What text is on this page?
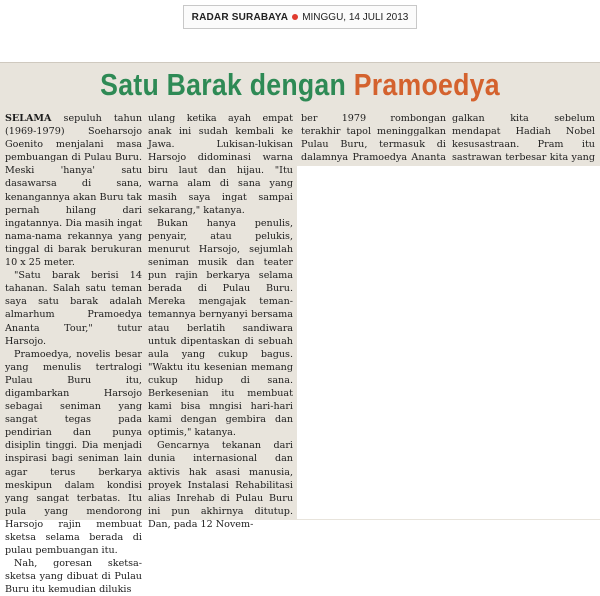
RADAR SURABAYA MINGGU, 14 JULI 2013
Satu Barak dengan Pramoedya

SELAMA sepuluh tahun (1969-1979) Soeharsojo Goenito menjalani masa pembuangan di Pulau Buru. Meski 'hanya' satu dasawarsa di sana, kenangannya akan Buru tak pernah hilang dari ingatannya. Dia masih ingat nama-nama rekannya yang tinggal di barak berukuran 10 x 25 meter.

"Satu barak berisi 14 tahanan. Salah satu teman saya satu barak adalah almarhum Pramoedya Ananta Tour," tutur Harsojo.

Pramoedya, novelis besar yang menulis tertralogi Pulau Buru itu, digambarkan Harsojo sebagai seniman yang sangat tegas pada pendirian dan punya disiplin tinggi. Dia menjadi inspirasi bagi seniman lain agar terus berkarya meskipun dalam kondisi yang sangat terbatas. Itu pula yang mendorong Harsojo rajin membuat sketsa selama berada di pulau pembuangan itu.

Nah, goresan sketsa-sketsa yang dibuat di Pulau Buru itu kemudian dilukis

ulang ketika ayah empat anak ini sudah kembali ke Jawa. Lukisan-lukisan Harsojo didominasi warna biru laut dan hijau. "Itu warna alam di sana yang masih saya ingat sampai sekarang," katanya.

Bukan hanya penulis, penyair, atau pelukis, menurut Harsojo, sejumlah seniman musik dan teater pun rajin berkarya selama berada di Pulau Buru. Mereka mengajak teman-temannya bernyanyi bersama atau berlatih sandiwara untuk dipentaskan di sebuah aula yang cukup bagus. "Waktu itu kesenian memang cukup hidup di sana. Berkesenian itu membuat kami bisa mngisi hari-hari kami dengan gembira dan optimis," katanya.

Gencarnya tekanan dari dunia internasional dan aktivis hak asasi manusia, proyek Instalasi Rehabilitasi alias Inrehab di Pulau Buru ini pun akhirnya ditutup. Dan, pada 12 Novem-

ber 1979 rombongan terakhir tapol meninggalkan Pulau Buru, termasuk di dalamnya Pramoedya Ananta

galkan kita sebelum mendapat Hadiah Nobel kesusastraan. Pram itu sastrawan terbesar kita yang
